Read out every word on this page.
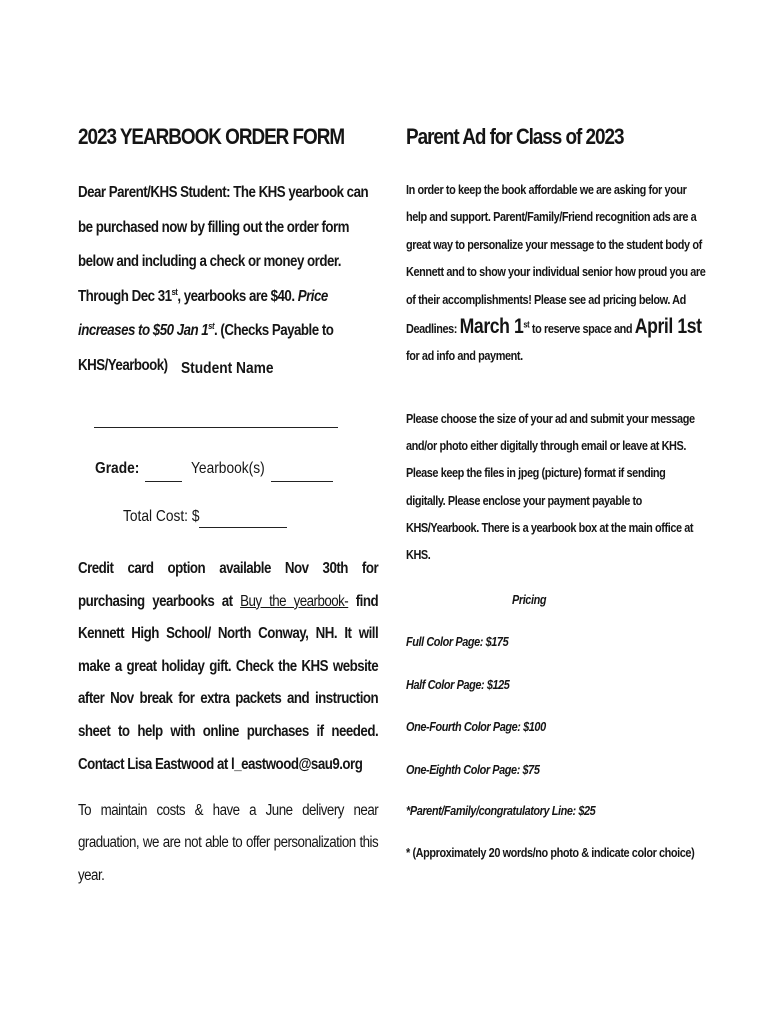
2023 YEARBOOK ORDER FORM
Dear Parent/KHS Student: The KHS yearbook can be purchased now by filling out the order form below and including a check or money order. Through Dec 31st, yearbooks are $40. Price increases to $50 Jan 1st. (Checks Payable to KHS/Yearbook) Student Name
Grade:	Yearbook(s)
Total Cost: $
Credit card option available Nov 30th for purchasing yearbooks at Buy the yearbook- find Kennett High School/ North Conway, NH. It will make a great holiday gift. Check the KHS website after Nov break for extra packets and instruction sheet to help with online purchases if needed. Contact Lisa Eastwood at l_eastwood@sau9.org
To maintain costs & have a June delivery near graduation, we are not able to offer personalization this year.
Parent Ad for Class of 2023
In order to keep the book affordable we are asking for your help and support. Parent/Family/Friend recognition ads are a great way to personalize your message to the student body of Kennett and to show your individual senior how proud you are of their accomplishments! Please see ad pricing below. Ad Deadlines: March 1st to reserve space and April 1st for ad info and payment.
Please choose the size of your ad and submit your message and/or photo either digitally through email or leave at KHS. Please keep the files in jpeg (picture) format if sending digitally. Please enclose your payment payable to KHS/Yearbook. There is a yearbook box at the main office at KHS.
Pricing
Full Color Page: $175
Half Color Page: $125
One-Fourth Color Page: $100
One-Eighth Color Page: $75
*Parent/Family/congratulatory Line: $25
* (Approximately 20 words/no photo & indicate color choice)
